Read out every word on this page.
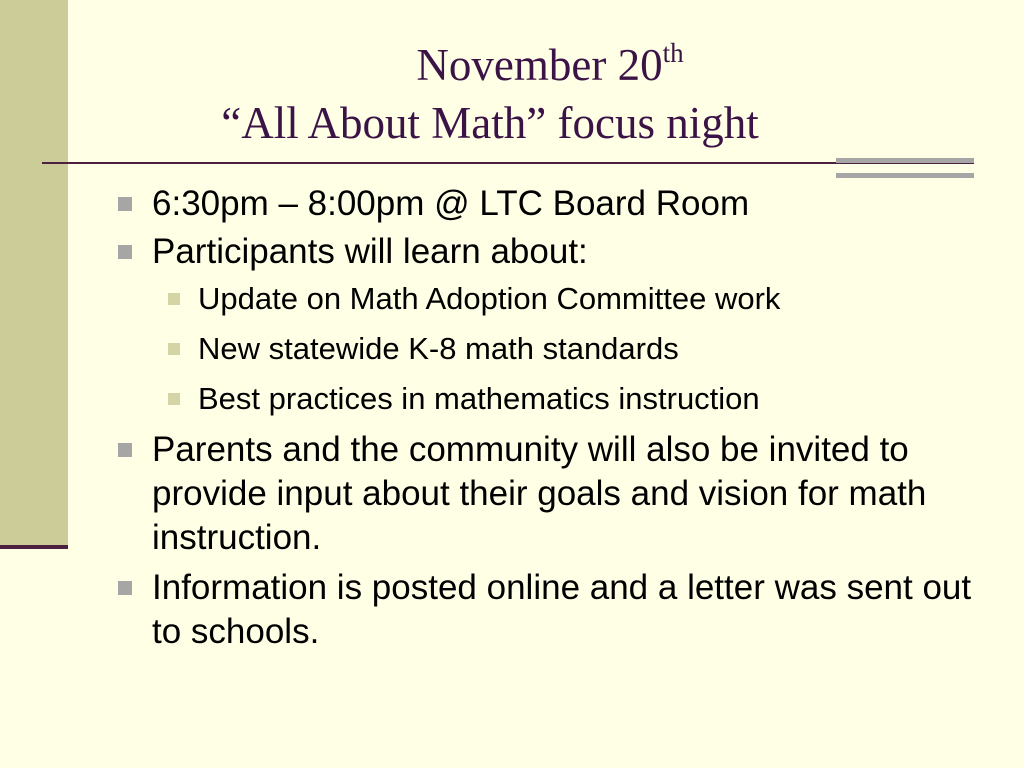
November 20th
“All About Math” focus night
6:30pm – 8:00pm @ LTC Board Room
Participants will learn about:
Update on Math Adoption Committee work
New statewide K-8 math standards
Best practices in mathematics instruction
Parents and the community will also be invited to provide input about their goals and vision for math instruction.
Information is posted online and a letter was sent out to schools.
